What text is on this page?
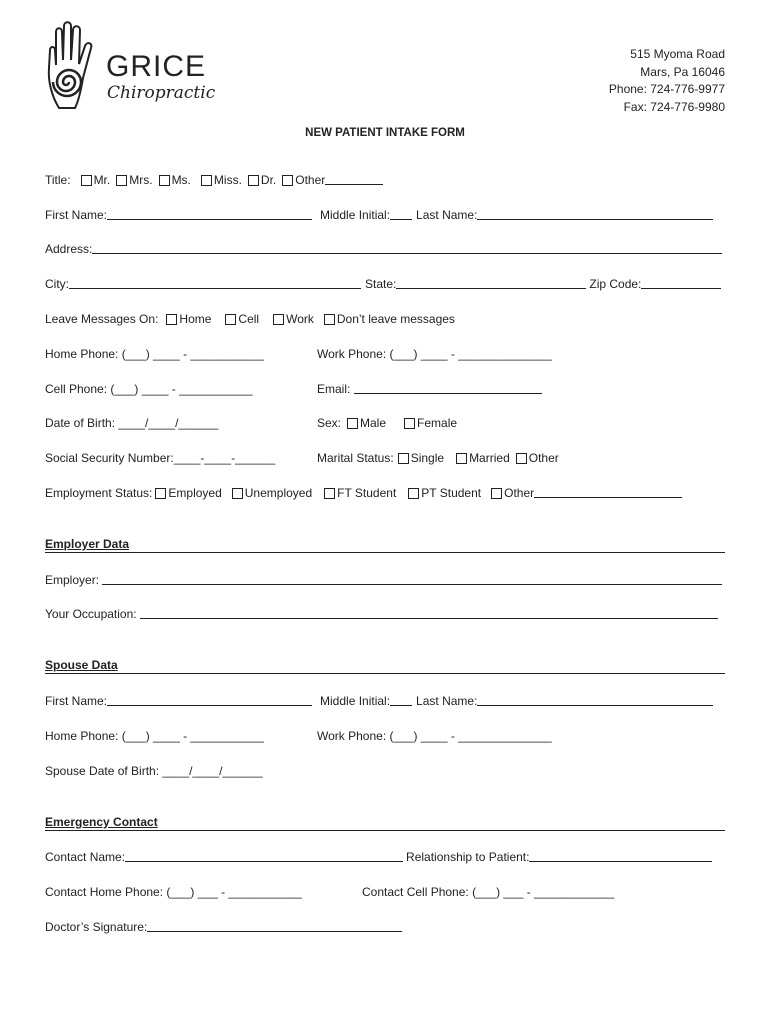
GRICE
Chiropractic
515 Myoma Road
Mars, Pa 16046
Phone: 724-776-9977
Fax: 724-776-9980
NEW PATIENT INTAKE FORM
Title: Mr. Mrs. Ms. Miss. Dr. Other
First Name:	Middle Initial: Last Name:
Address:
City:	State:	Zip Code:
Leave Messages On: Home Cell Work Don’t leave messages
Home Phone: (___) ____ - ___________	Work Phone: (___) ____ - ______________
Cell Phone: (___) ____ - ___________	Email:
Date of Birth: ____/____/______	Sex: Male	Female
Social Security Number:____-____-______	Marital Status: Single Married Other
Employment Status: Employed Unemployed FT Student PT Student Other
Employer Data
Employer:
Your Occupation:
Spouse Data
First Name:	Middle Initial: Last Name:
Home Phone: (___) ____ - ___________	Work Phone: (___) ____ - ______________
Spouse Date of Birth: ____/____/______
Emergency Contact
Contact Name:	Relationship to Patient:
Contact Home Phone: (___) ___ - ___________	Contact Cell Phone: (___) ___ - ____________
Doctor’s Signature:
